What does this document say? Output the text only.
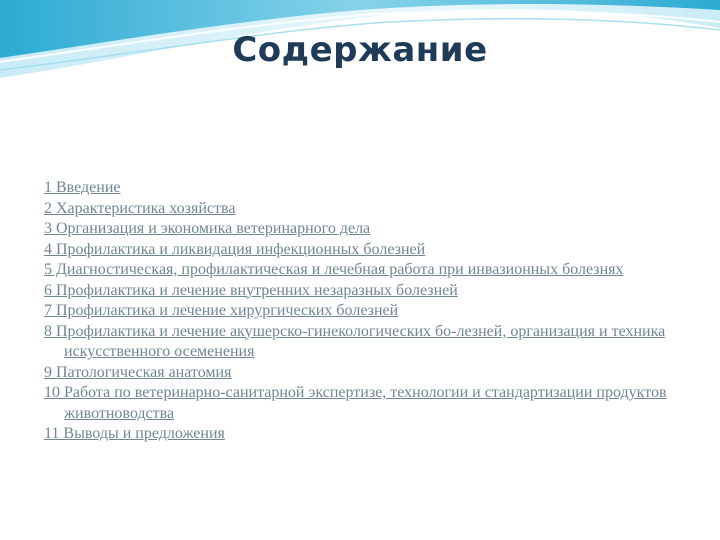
Содержание
1 Введение
2 Характеристика хозяйства
3 Организация и экономика ветеринарного дела
4 Профилактика и ликвидация инфекционных болезней
5 Диагностическая, профилактическая и лечебная работа при инвазионных болезнях
6 Профилактика и лечение внутренних незаразных болезней
7 Профилактика и лечение хирургических болезней
8 Профилактика и лечение акушерско-гинекологических бо-лезней, организация и техника искусственного осеменения
9 Патологическая анатомия
10 Работа по ветеринарно-санитарной экспертизе, технологии и стандартизации продуктов животноводства
11 Выводы и предложения
